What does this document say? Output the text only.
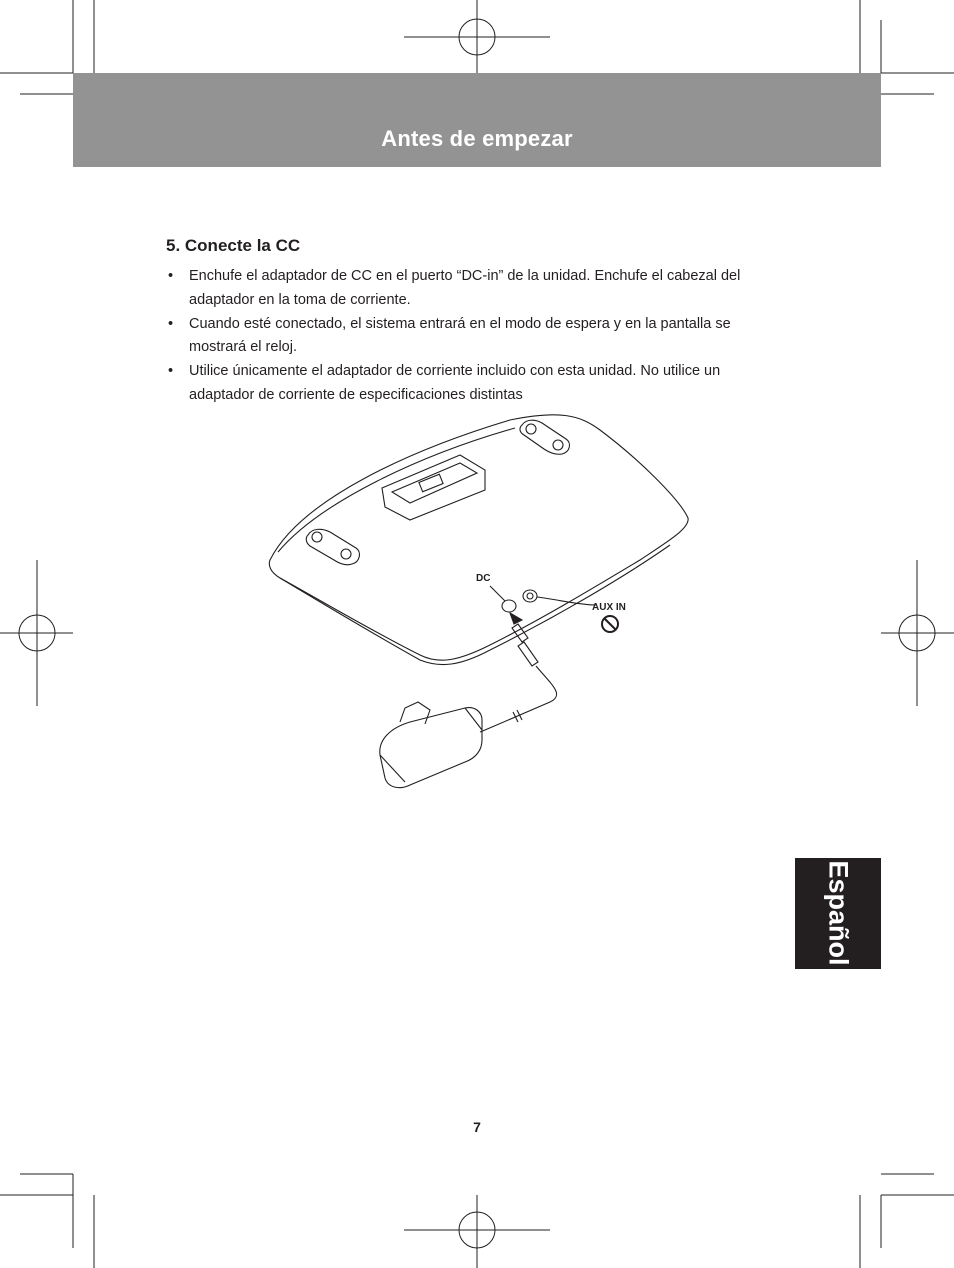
Antes de empezar
5. Conecte la CC
• Enchufe el adaptador de CC en el puerto “DC-in” de la unidad. Enchufe el cabezal del
adaptador en la toma de corriente.
• Cuando esté conectado, el sistema entrará en el modo de espera y en la pantalla se
mostrará el reloj.
• Utilice únicamente el adaptador de corriente incluido con esta unidad. No utilice un
adaptador de corriente de especificaciones distintas
DC
AUX IN
Español
7
